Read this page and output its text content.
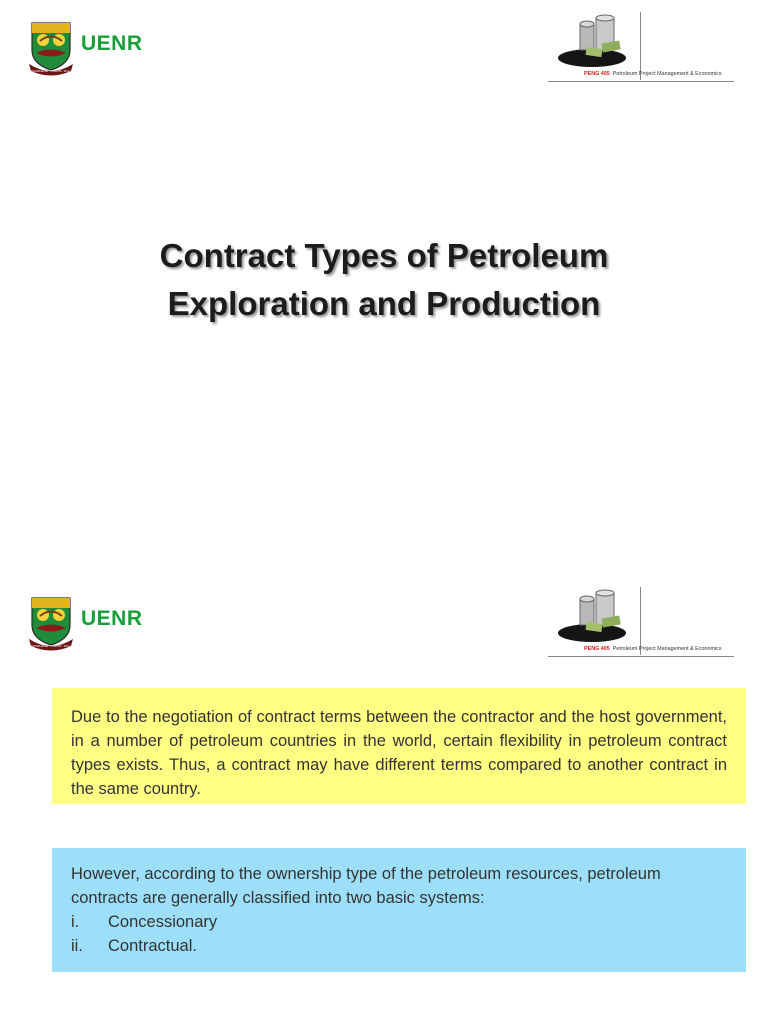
KNOWLEDGE · WISDOM · SKILL
UENR
PENG 405 Petroleum Project Management & Economics
Contract Types of Petroleum
Exploration and Production
KNOWLEDGE · WISDOM · SKILL
UENR
PENG 405 Petroleum Project Management & Economics
Due to the negotiation of contract terms between the contractor and the host government, in a number of petroleum countries in the world, certain flexibility in petroleum contract types exists. Thus, a contract may have different terms compared to another contract in the same country.

However, according to the ownership type of the petroleum resources, petroleum contracts are generally classified into two basic systems:

i.	Concessionary
ii.	Contractual.
